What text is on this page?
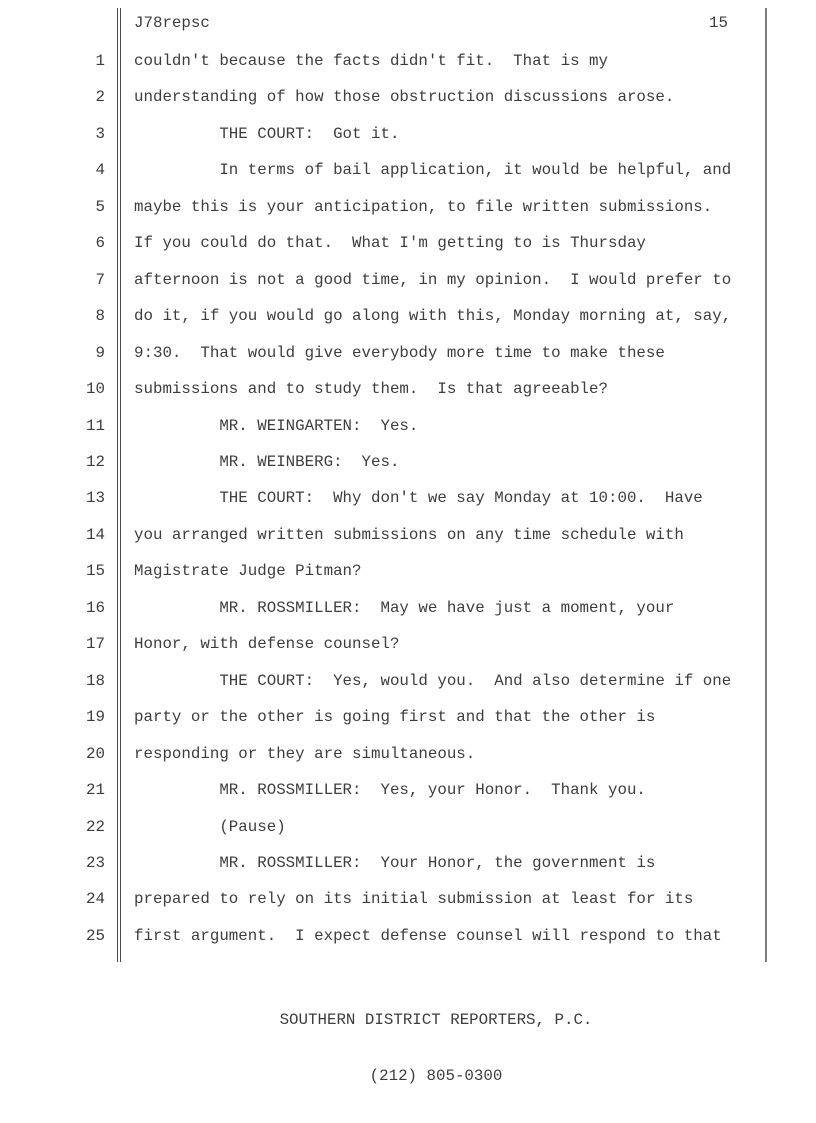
J78repsc	15
1	couldn't because the facts didn't fit.  That is my
2	understanding of how those obstruction discussions arose.
3	THE COURT:  Got it.
4	In terms of bail application, it would be helpful, and
5	maybe this is your anticipation, to file written submissions.
6	If you could do that.  What I'm getting to is Thursday
7	afternoon is not a good time, in my opinion.  I would prefer to
8	do it, if you would go along with this, Monday morning at, say,
9	9:30.  That would give everybody more time to make these
10	submissions and to study them.  Is that agreeable?
11	MR. WEINGARTEN:  Yes.
12	MR. WEINBERG:  Yes.
13	THE COURT:  Why don't we say Monday at 10:00.  Have
14	you arranged written submissions on any time schedule with
15	Magistrate Judge Pitman?
16	MR. ROSSMILLER:  May we have just a moment, your
17	Honor, with defense counsel?
18	THE COURT:  Yes, would you.  And also determine if one
19	party or the other is going first and that the other is
20	responding or they are simultaneous.
21	MR. ROSSMILLER:  Yes, your Honor.  Thank you.
22	(Pause)
23	MR. ROSSMILLER:  Your Honor, the government is
24	prepared to rely on its initial submission at least for its
25	first argument.  I expect defense counsel will respond to that

SOUTHERN DISTRICT REPORTERS, P.C.

(212) 805-0300
